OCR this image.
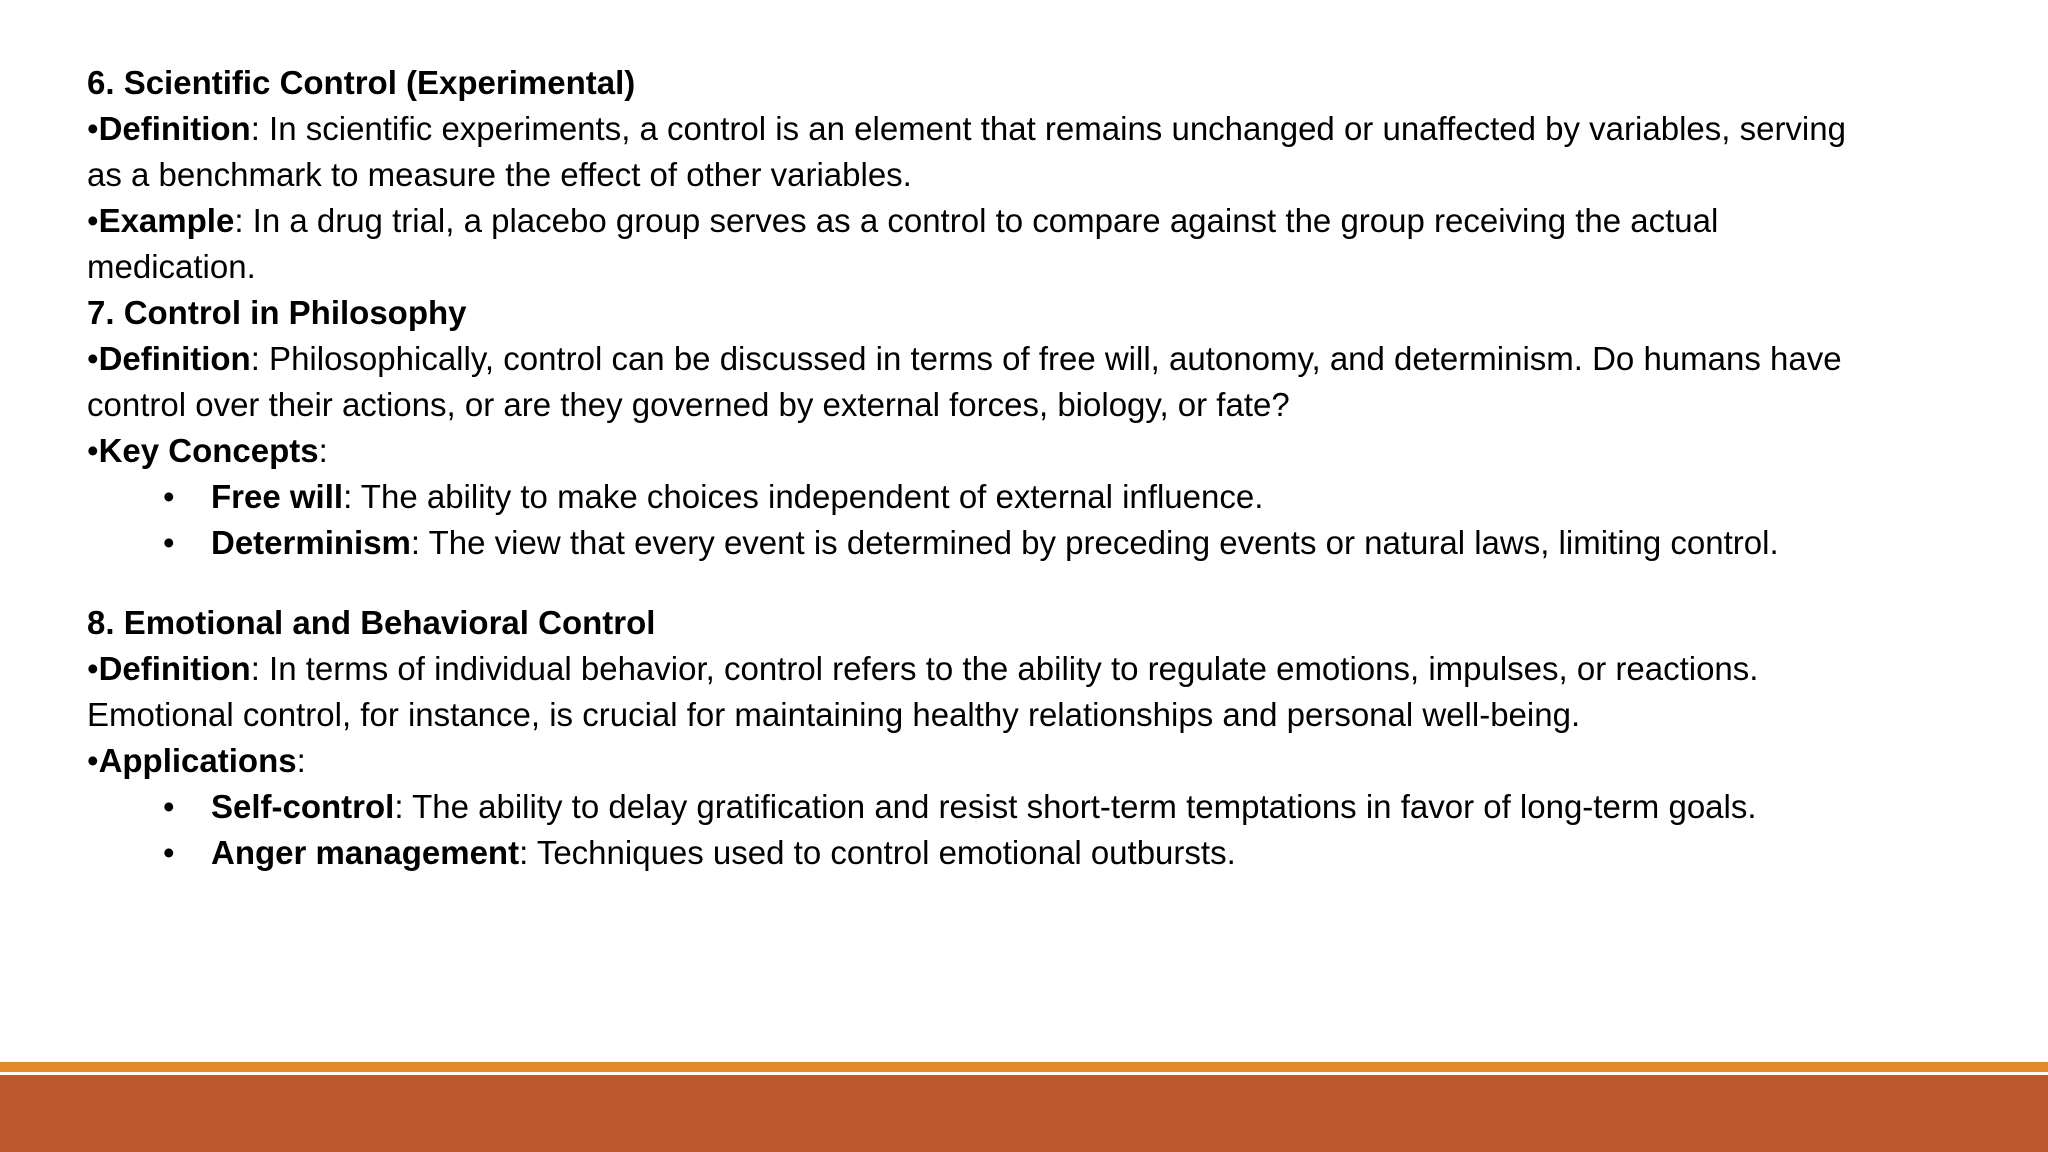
6. Scientific Control (Experimental)

•Definition: In scientific experiments, a control is an element that remains unchanged or unaffected by variables, serving

as a benchmark to measure the effect of other variables.

•Example: In a drug trial, a placebo group serves as a control to compare against the group receiving the actual

medication.

7. Control in Philosophy

•Definition: Philosophically, control can be discussed in terms of free will, autonomy, and determinism. Do humans have

control over their actions, or are they governed by external forces, biology, or fate?

•Key Concepts:

• Free will: The ability to make choices independent of external influence.

• Determinism: The view that every event is determined by preceding events or natural laws, limiting control.

8. Emotional and Behavioral Control

•Definition: In terms of individual behavior, control refers to the ability to regulate emotions, impulses, or reactions.

Emotional control, for instance, is crucial for maintaining healthy relationships and personal well-being.

•Applications:

• Self-control: The ability to delay gratification and resist short-term temptations in favor of long-term goals.

• Anger management: Techniques used to control emotional outbursts.
